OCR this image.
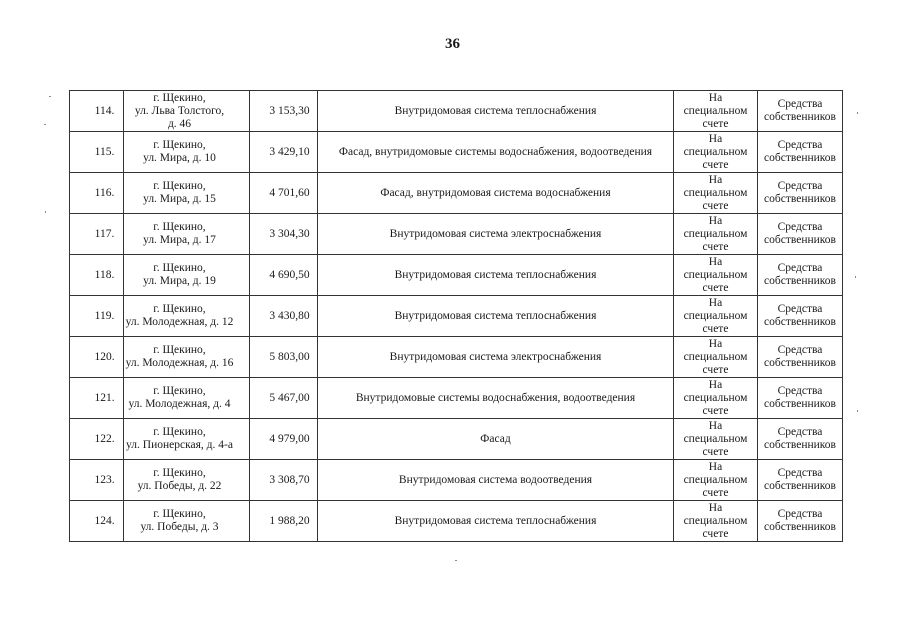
36
114.	г. Щекино,
ул. Льва Толстого,
д. 46	3 153,30	Внутридомовая система теплоснабжения	На
специальном
счете	Средства
собственников
115.	г. Щекино,
ул. Мира, д. 10	3 429,10	Фасад, внутридомовые системы водоснабжения, водоотведения	На
специальном
счете	Средства
собственников
116.	г. Щекино,
ул. Мира, д. 15	4 701,60	Фасад, внутридомовая система водоснабжения	На
специальном
счете	Средства
собственников
117.	г. Щекино,
ул. Мира, д. 17	3 304,30	Внутридомовая система электроснабжения	На
специальном
счете	Средства
собственников
118.	г. Щекино,
ул. Мира, д. 19	4 690,50	Внутридомовая система теплоснабжения	На
специальном
счете	Средства
собственников
119.	г. Щекино,
ул. Молодежная, д. 12	3 430,80	Внутридомовая система теплоснабжения	На
специальном
счете	Средства
собственников
120.	г. Щекино,
ул. Молодежная, д. 16	5 803,00	Внутридомовая система электроснабжения	На
специальном
счете	Средства
собственников
121.	г. Щекино,
ул. Молодежная, д. 4	5 467,00	Внутридомовые системы водоснабжения, водоотведения	На
специальном
счете	Средства
собственников
122.	г. Щекино,
ул. Пионерская, д. 4-а	4 979,00	Фасад	На
специальном
счете	Средства
собственников
123.	г. Щекино,
ул. Победы, д. 22	3 308,70	Внутридомовая система водоотведения	На
специальном
счете	Средства
собственников
124.	г. Щекино,
ул. Победы, д. 3	1 988,20	Внутридомовая система теплоснабжения	На
специальном
счете	Средства
собственников
